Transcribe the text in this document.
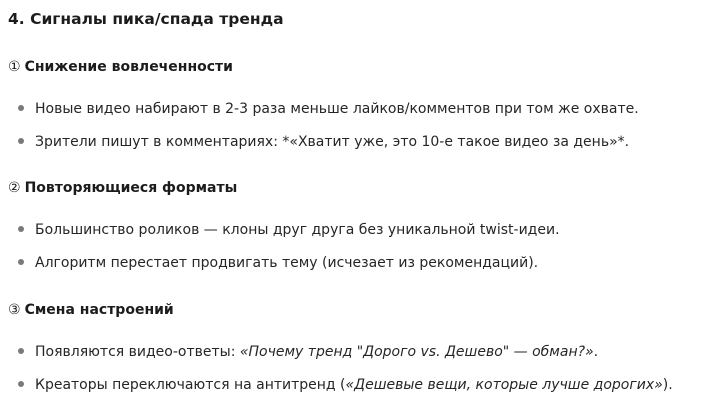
4. Сигналы пика/спада тренда
① Снижение вовлеченности
Новые видео набирают в 2-3 раза меньше лайков/комментов при том же охвате.
Зрители пишут в комментариях: *«Хватит уже, это 10-е такое видео за день»*.
② Повторяющиеся форматы
Большинство роликов — клоны друг друга без уникальной twist-идеи.
Алгоритм перестает продвигать тему (исчезает из рекомендаций).
③ Смена настроений
Появляются видео-ответы: «Почему тренд "Дорого vs. Дешево" — обман?».
Креаторы переключаются на антитренд («Дешевые вещи, которые лучше дорогих»).
